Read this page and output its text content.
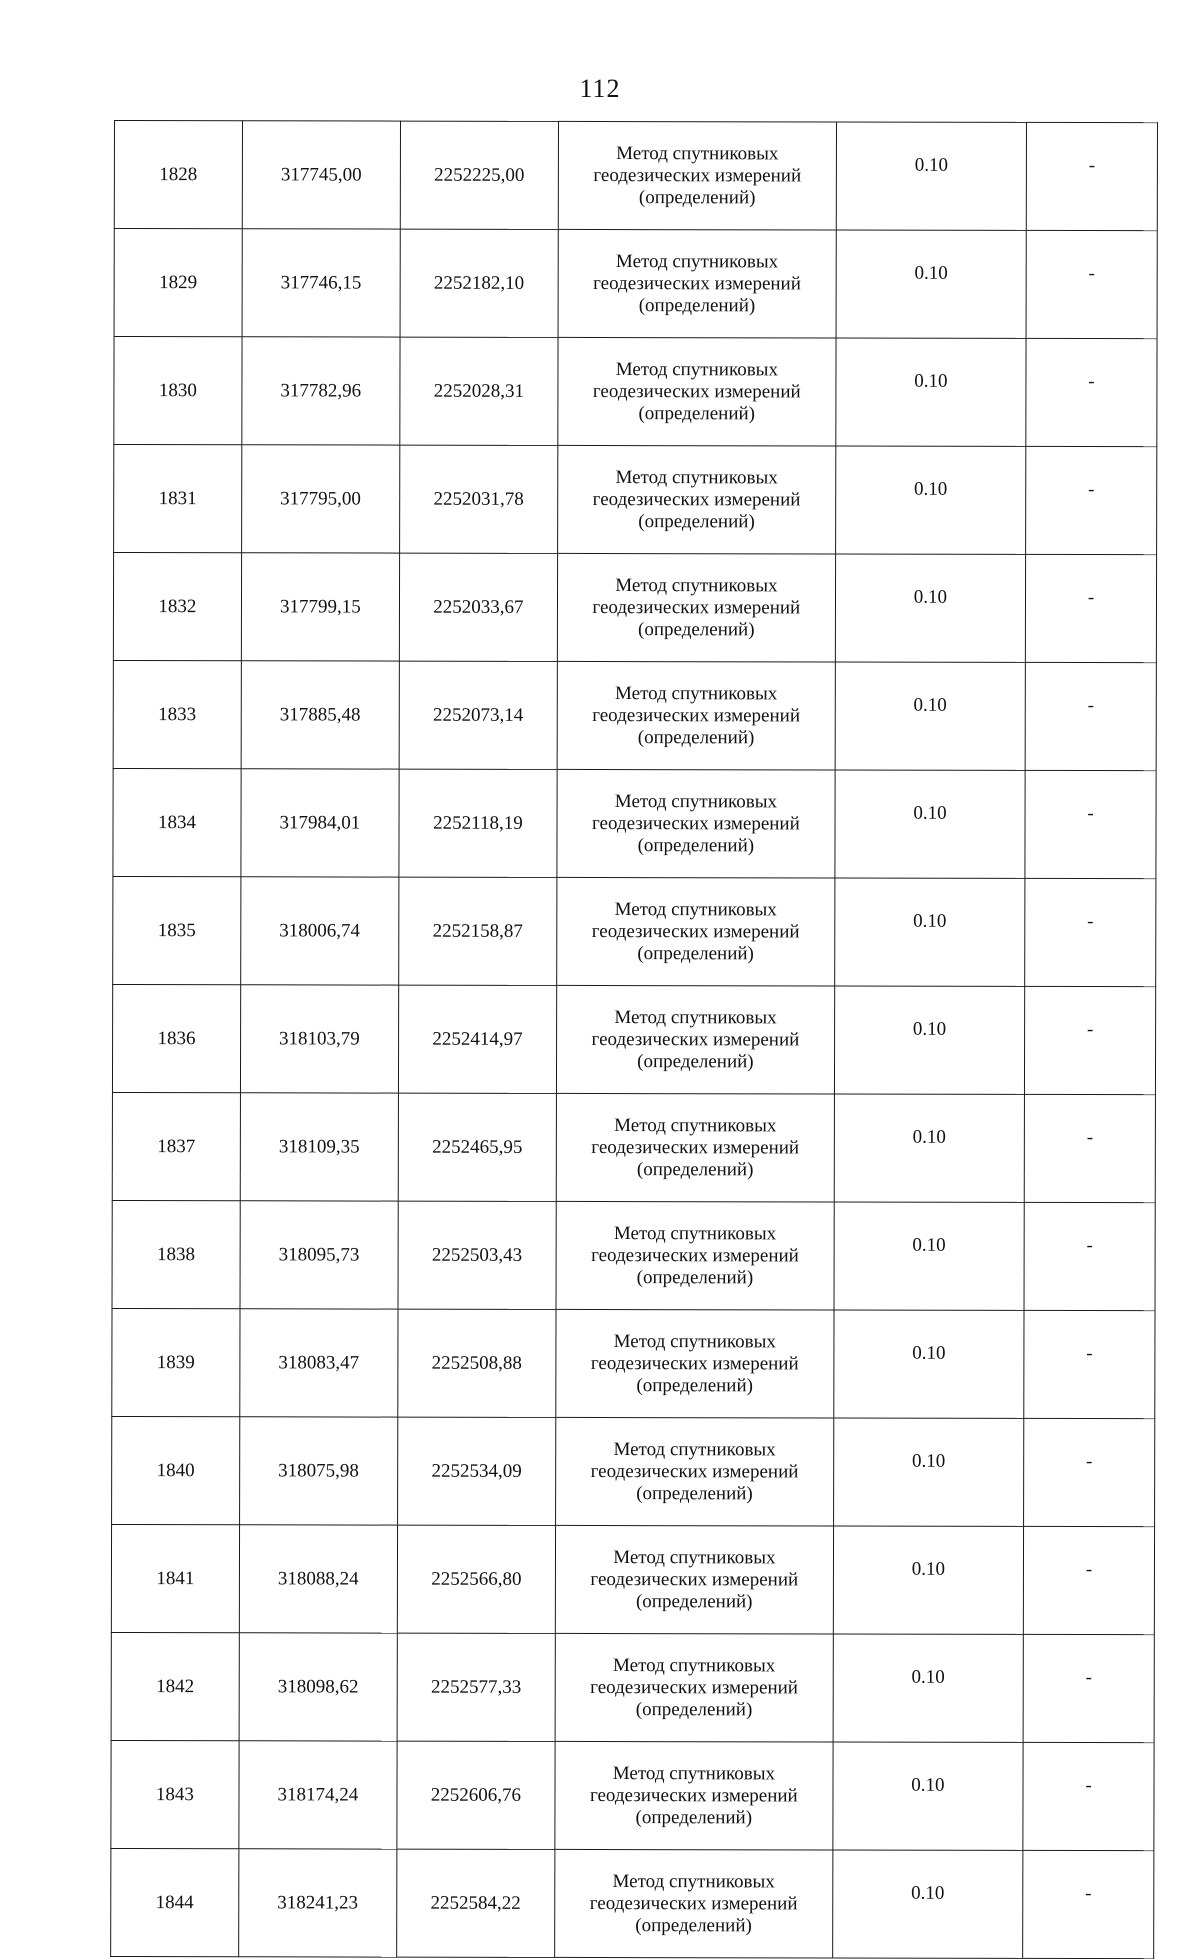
112
1828	317745,00	2252225,00	Метод спутниковых
геодезических измерений
(определений)	0.10	-
1829	317746,15	2252182,10	Метод спутниковых
геодезических измерений
(определений)	0.10	-
1830	317782,96	2252028,31	Метод спутниковых
геодезических измерений
(определений)	0.10	-
1831	317795,00	2252031,78	Метод спутниковых
геодезических измерений
(определений)	0.10	-
1832	317799,15	2252033,67	Метод спутниковых
геодезических измерений
(определений)	0.10	-
1833	317885,48	2252073,14	Метод спутниковых
геодезических измерений
(определений)	0.10	-
1834	317984,01	2252118,19	Метод спутниковых
геодезических измерений
(определений)	0.10	-
1835	318006,74	2252158,87	Метод спутниковых
геодезических измерений
(определений)	0.10	-
1836	318103,79	2252414,97	Метод спутниковых
геодезических измерений
(определений)	0.10	-
1837	318109,35	2252465,95	Метод спутниковых
геодезических измерений
(определений)	0.10	-
1838	318095,73	2252503,43	Метод спутниковых
геодезических измерений
(определений)	0.10	-
1839	318083,47	2252508,88	Метод спутниковых
геодезических измерений
(определений)	0.10	-
1840	318075,98	2252534,09	Метод спутниковых
геодезических измерений
(определений)	0.10	-
1841	318088,24	2252566,80	Метод спутниковых
геодезических измерений
(определений)	0.10	-
1842	318098,62	2252577,33	Метод спутниковых
геодезических измерений
(определений)	0.10	-
1843	318174,24	2252606,76	Метод спутниковых
геодезических измерений
(определений)	0.10	-
1844	318241,23	2252584,22	Метод спутниковых
геодезических измерений
(определений)	0.10	-
